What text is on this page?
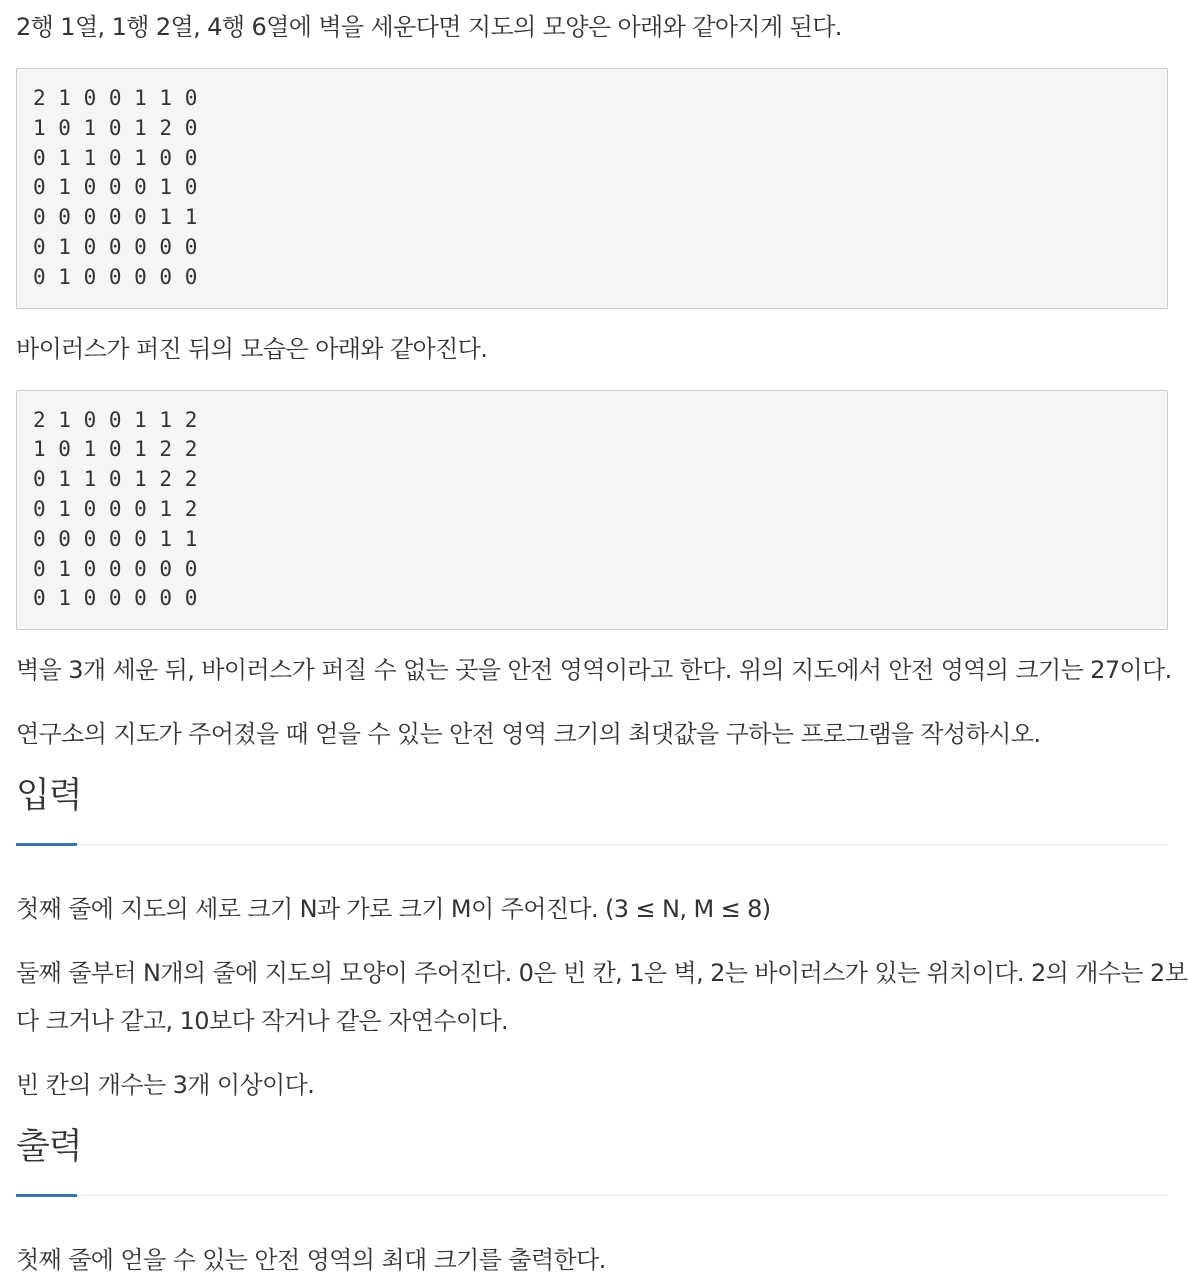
2행 1열, 1행 2열, 4행 6열에 벽을 세운다면 지도의 모양은 아래와 같아지게 된다.

2 1 0 0 1 1 0
1 0 1 0 1 2 0
0 1 1 0 1 0 0
0 1 0 0 0 1 0
0 0 0 0 0 1 1
0 1 0 0 0 0 0
0 1 0 0 0 0 0

바이러스가 퍼진 뒤의 모습은 아래와 같아진다.

2 1 0 0 1 1 2
1 0 1 0 1 2 2
0 1 1 0 1 2 2
0 1 0 0 0 1 2
0 0 0 0 0 1 1
0 1 0 0 0 0 0
0 1 0 0 0 0 0

벽을 3개 세운 뒤, 바이러스가 퍼질 수 없는 곳을 안전 영역이라고 한다. 위의 지도에서 안전 영역의 크기는 27이다.

연구소의 지도가 주어졌을 때 얻을 수 있는 안전 영역 크기의 최댓값을 구하는 프로그램을 작성하시오.

입력

첫째 줄에 지도의 세로 크기 N과 가로 크기 M이 주어진다. (3 ≤ N, M ≤ 8)

둘째 줄부터 N개의 줄에 지도의 모양이 주어진다. 0은 빈 칸, 1은 벽, 2는 바이러스가 있는 위치이다. 2의 개수는 2보

다 크거나 같고, 10보다 작거나 같은 자연수이다.

빈 칸의 개수는 3개 이상이다.

출력

첫째 줄에 얻을 수 있는 안전 영역의 최대 크기를 출력한다.
